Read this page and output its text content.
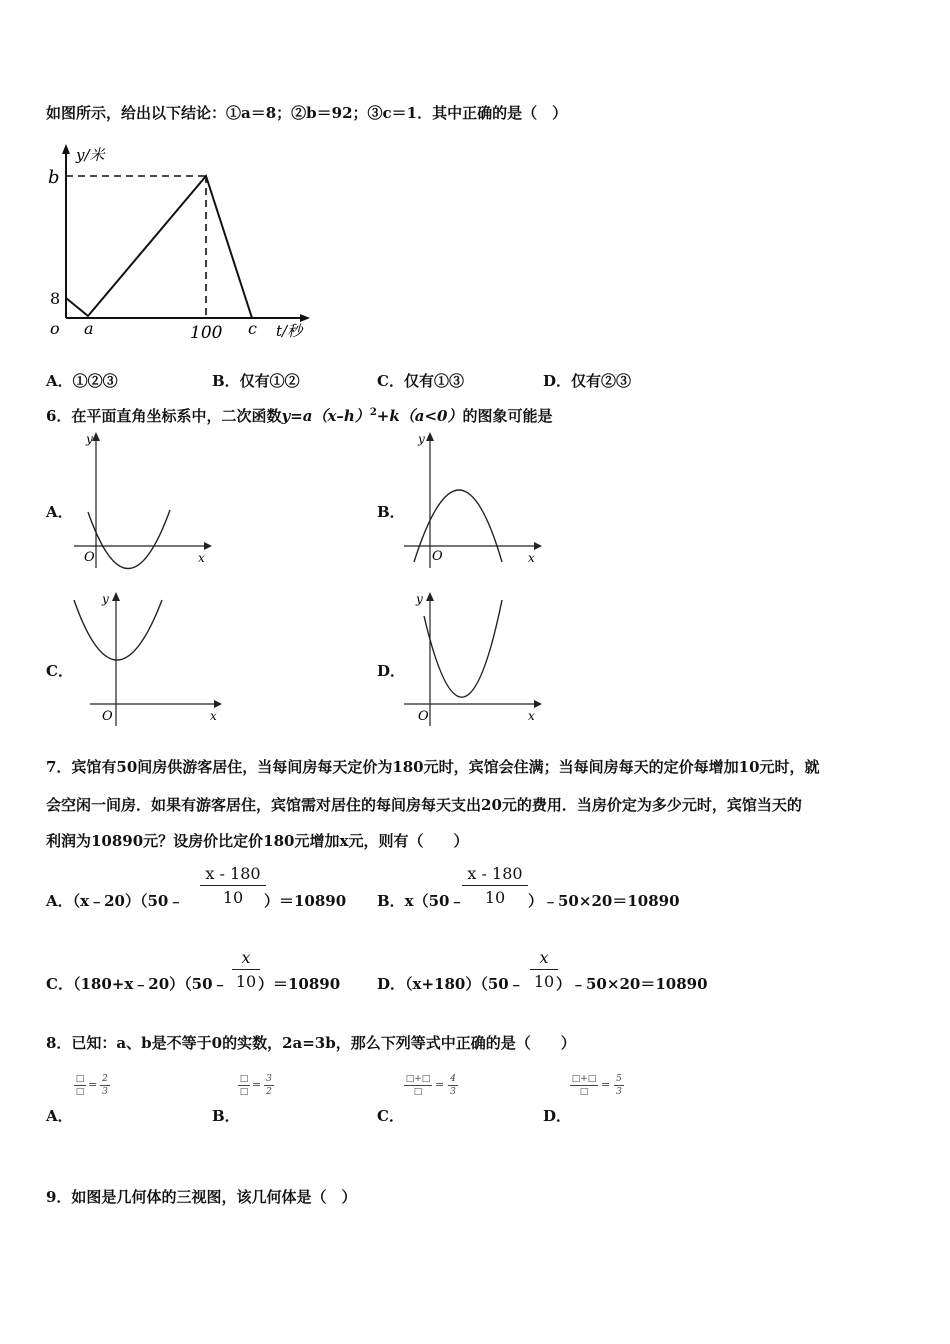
如图所示，给出以下结论：①a＝8；②b＝92；③c＝1．其中正确的是（　）
y/米
b
8
o a	100 c t/秒
A．①②③	B．仅有①②	C．仅有①③	D．仅有②③
6．在平面直角坐标系中，二次函数$y=a(x-h)^2+k(a<0)$的图象可能是
A．
y
O	x
B．
y
O	x
C．
y
O	x
D．
y
O	x
7．宾馆有50间房供游客居住，当每间房每天定价为180元时，宾馆会住满；当每间房每天的定价每增加10元时，就
会空闲一间房．如果有游客居住，宾馆需对居住的每间房每天支出20元的费用．当房价定为多少元时，宾馆当天的
利润为10890元？设房价比定价180元增加x元，则有（　　）
A．（x﹣20）（50﹣
x - 180
10	）＝10890 B．x（50﹣
x - 180
10	）﹣50×20＝10890
C．（180+x﹣20）（50﹣
x
10 ）＝10890 D．（x+180）（50﹣
x
10 ）﹣50×20＝10890
8．已知：a、b是不等于0的实数，2a=3b，那么下列等式中正确的是（　　）
□
□
= 2
3
A．
□
□
= 3
2
B．
□+□
□
= 4
3
C．
□+□
□
= 5
3
D．
9．如图是几何体的三视图，该几何体是（　）
